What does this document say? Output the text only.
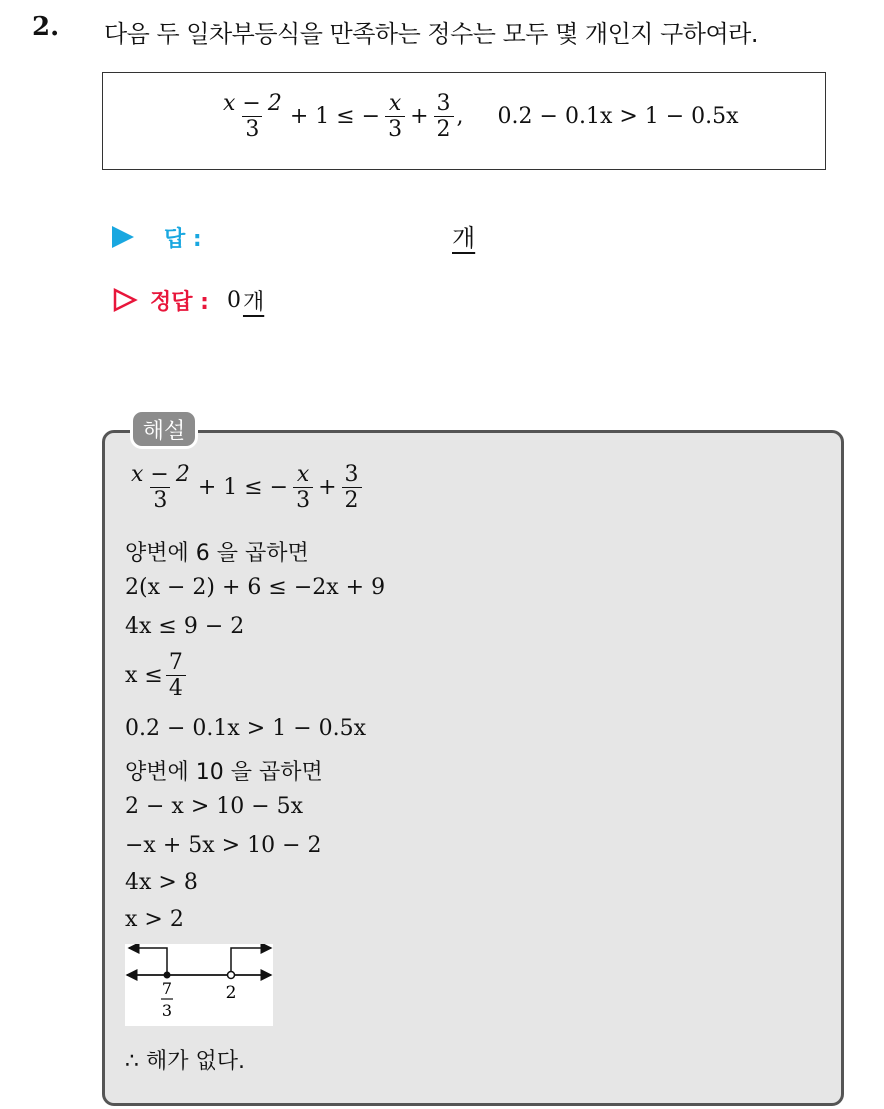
2. 다음 두 일차부등식을 만족하는 정수는 모두 몇 개인지 구하여라.
$\frac{x - 2}{3} + 1$ ≤ − $\frac{x}{3} + \frac{3}{2}$ , 0.2 − 0.1x > 1 − 0.5x
답 :	개
정답 : 0 개
해설
$\frac{x - 2}{3} + 1$ ≤ − $\frac{x}{3} + \frac{3}{2}$
양변에 6 을 곱하면
2(x − 2) + 6 ≤ −2x + 9
4x ≤ 9 − 2
$x \le \frac{7}{4}$
0.2 − 0.1x > 1 − 0.5x
양변에 10 을 곱하면
2 − x > 10 − 5x
−x + 5x > 10 − 2
4x > 8
x > 2
7
3
2
∴ 해가 없다.
